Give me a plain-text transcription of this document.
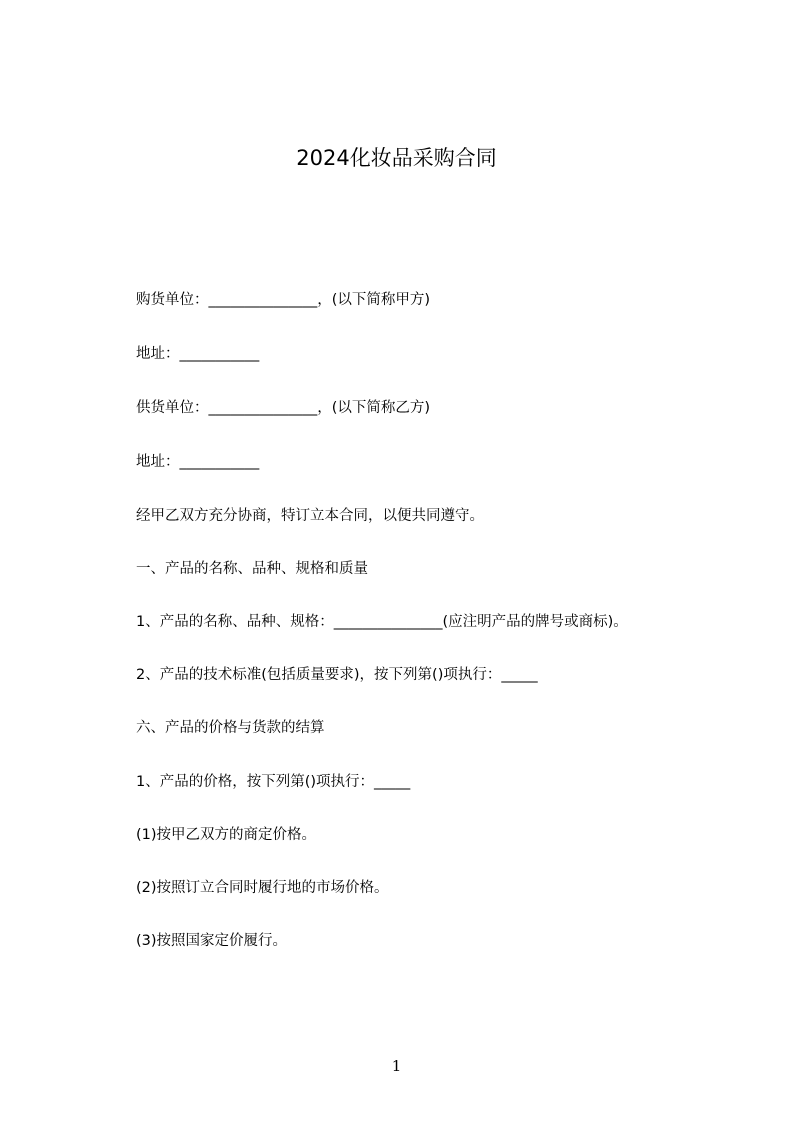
2024化妆品采购合同
购货单位：_______________，(以下简称甲方)
地址：___________
供货单位：_______________，(以下简称乙方)
地址：___________
经甲乙双方充分协商，特订立本合同，以便共同遵守。
一、产品的名称、品种、规格和质量
1、产品的名称、品种、规格：_______________(应注明产品的牌号或商标)。
2、产品的技术标准(包括质量要求)，按下列第()项执行：_____
六、产品的价格与货款的结算
1、产品的价格，按下列第()项执行：_____
(1)按甲乙双方的商定价格。
(2)按照订立合同时履行地的市场价格。
(3)按照国家定价履行。
1
